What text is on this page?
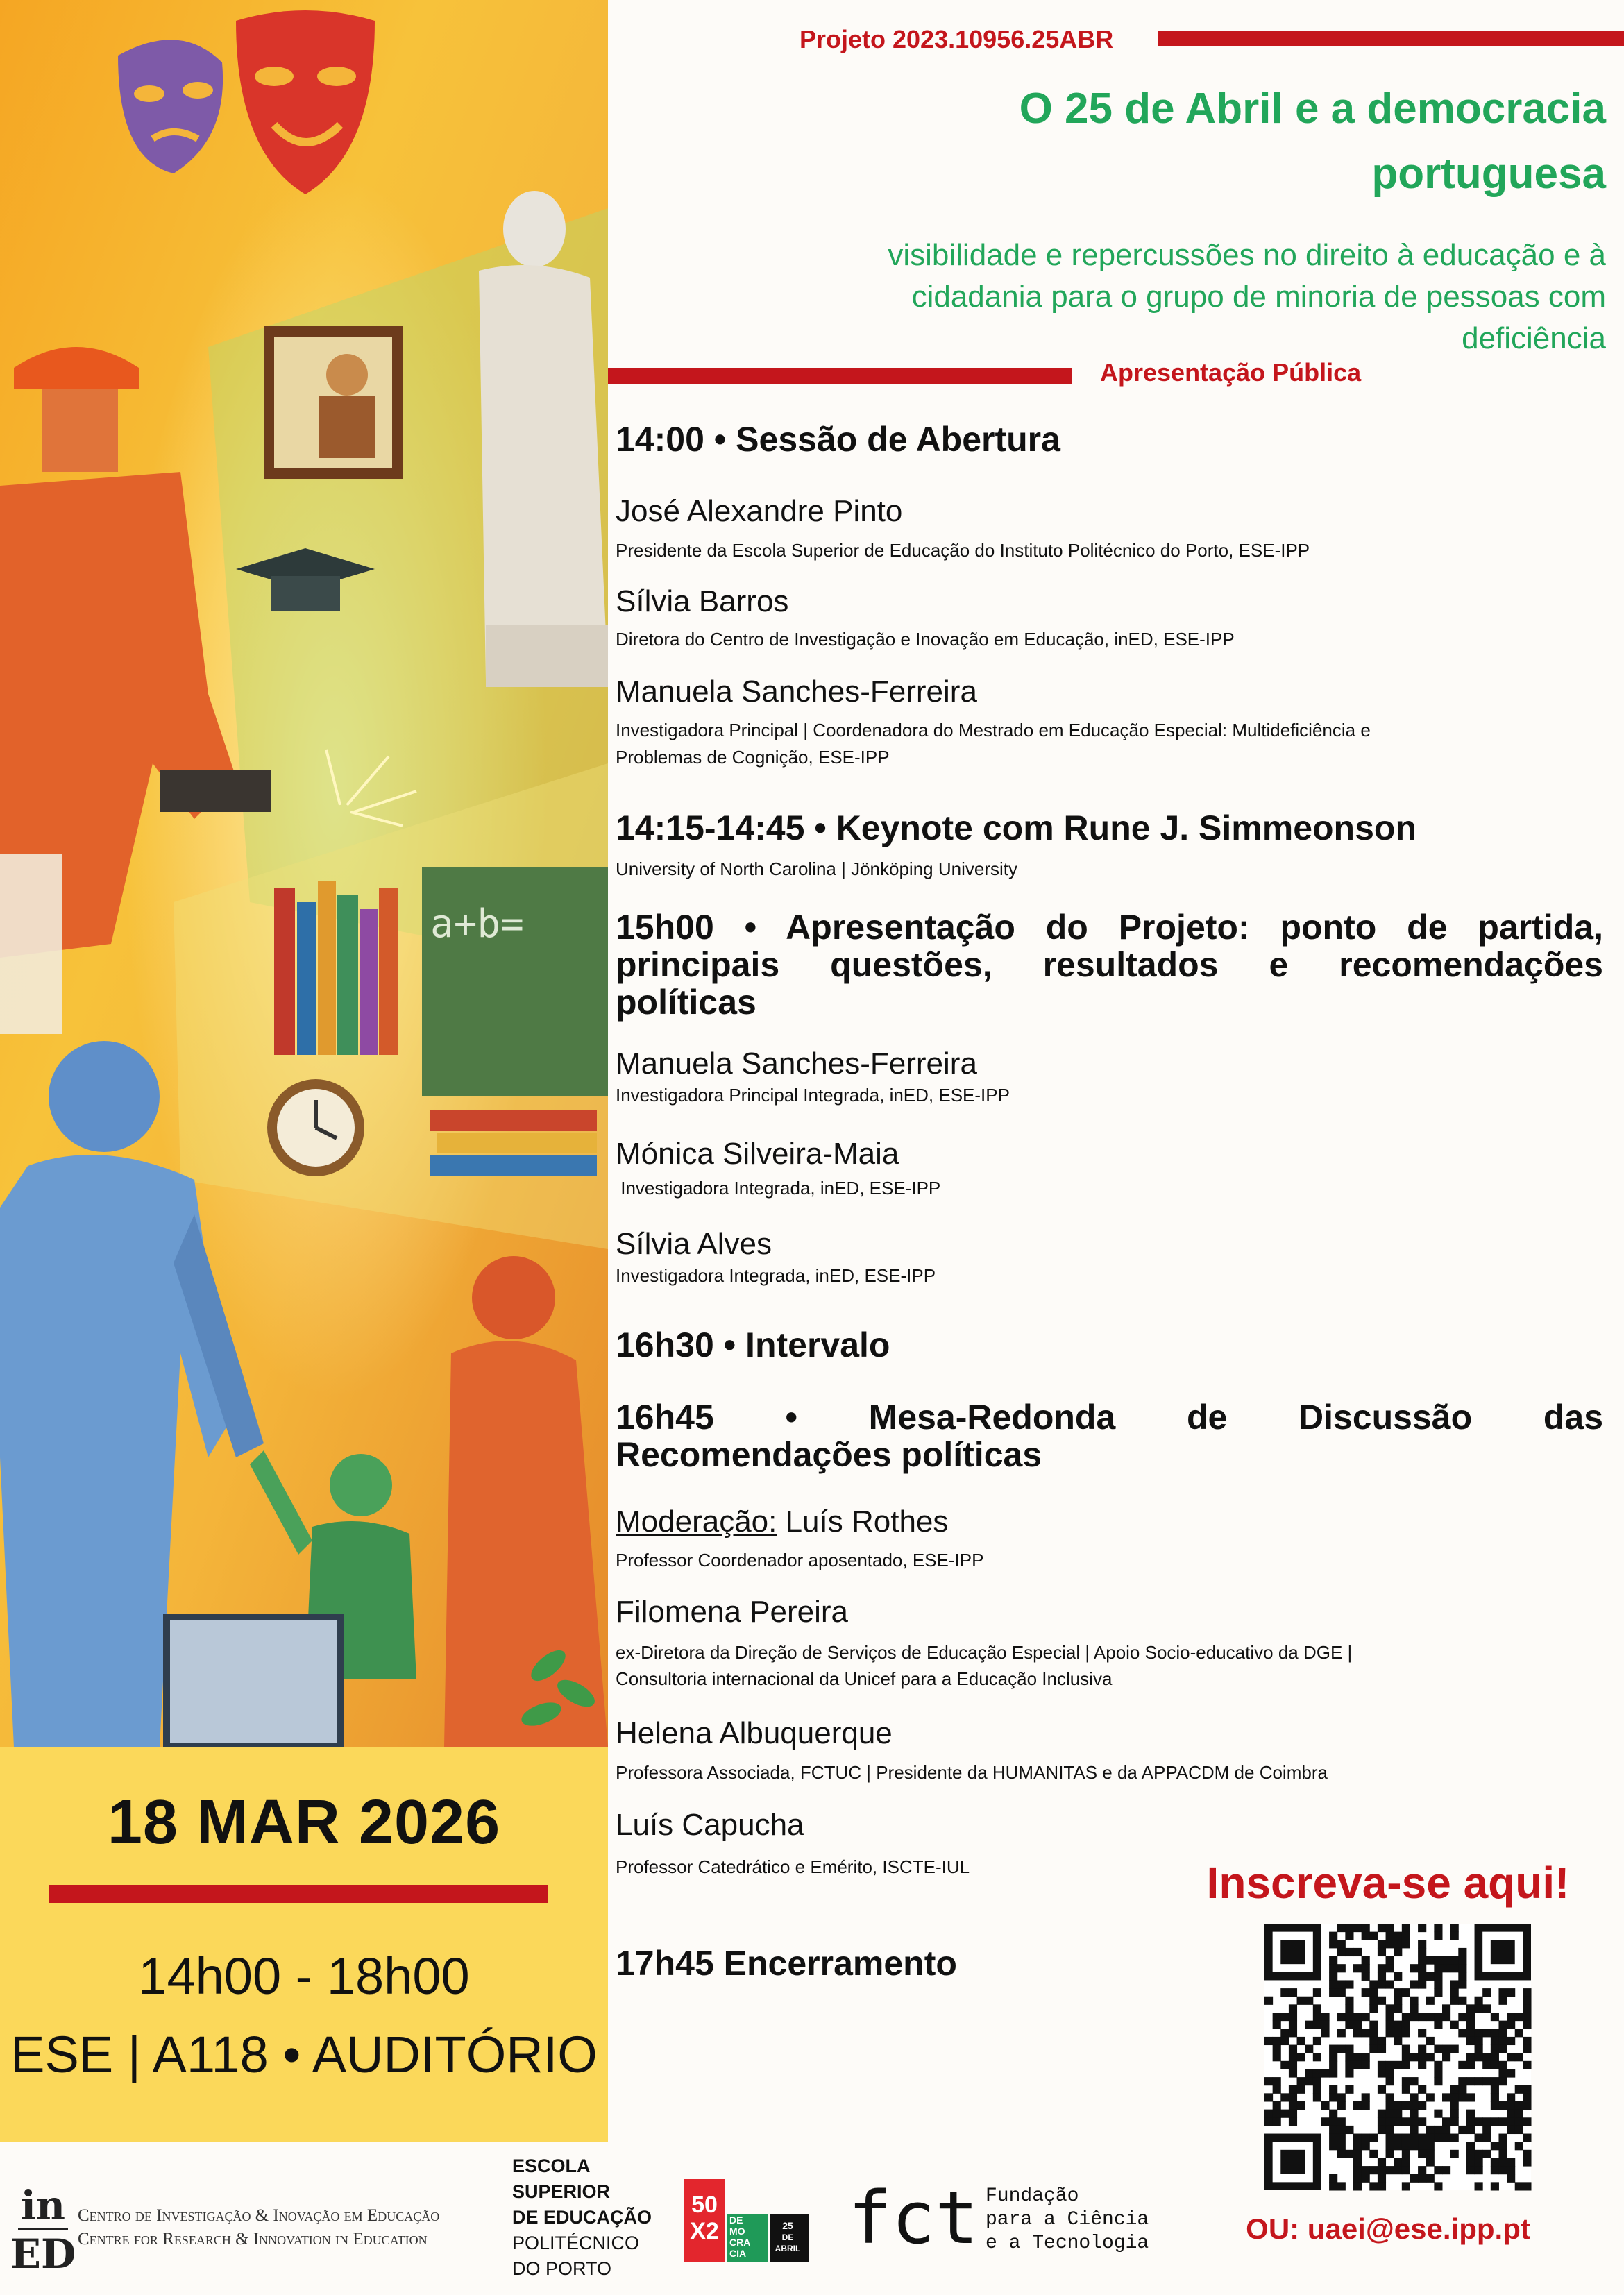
a+b=
18 MAR 2026
14h00 - 18h00
ESE | A118 • AUDITÓRIO
Projeto 2023.10956.25ABR
O 25 de Abril e a democracia
portuguesa
visibilidade e repercussões no direito à educação e à
cidadania para o grupo de minoria de pessoas com
deficiência
Apresentação Pública
14:00 • Sessão de Abertura
José Alexandre Pinto
Presidente da Escola Superior de Educação do Instituto Politécnico do Porto, ESE-IPP
Sílvia Barros
Diretora do Centro de Investigação e Inovação em Educação, inED, ESE-IPP
Manuela Sanches-Ferreira
Investigadora Principal | Coordenadora do Mestrado em Educação Especial: Multideficiência e
Problemas de Cognição, ESE-IPP
14:15-14:45 • Keynote com Rune J. Simmeonson
University of North Carolina | Jönköping University
15h00 • Apresentação do Projeto: ponto de partida,
principais questões, resultados e recomendações
políticas
Manuela Sanches-Ferreira
Investigadora Principal Integrada, inED, ESE-IPP
Mónica Silveira-Maia
Investigadora Integrada, inED, ESE-IPP
Sílvia Alves
Investigadora Integrada, inED, ESE-IPP
16h30 • Intervalo
16h45 • Mesa-Redonda de Discussão das
Recomendações políticas
Moderação: Luís Rothes
Professor Coordenador aposentado, ESE-IPP
Filomena Pereira
ex-Diretora da Direção de Serviços de Educação Especial | Apoio Socio-educativo da DGE |
Consultoria internacional da Unicef para a Educação Inclusiva
Helena Albuquerque
Professora Associada, FCTUC | Presidente da HUMANITAS e da APPACDM de Coimbra
Luís Capucha
Professor Catedrático e Emérito, ISCTE-IUL
17h45 Encerramento
Inscreva-se aqui!
OU: uaei@ese.ipp.pt
in
ED
Centro de Investigação & Inovação em Educação
Centre for Research & Innovation in Education
ESCOLA
SUPERIOR
DE EDUCAÇÃO
POLITÉCNICO
DO PORTO
50
X2 DE
MO
CRA
CIA
25
DE
ABRIL fct Fundação
para a Ciência
e a Tecnologia
